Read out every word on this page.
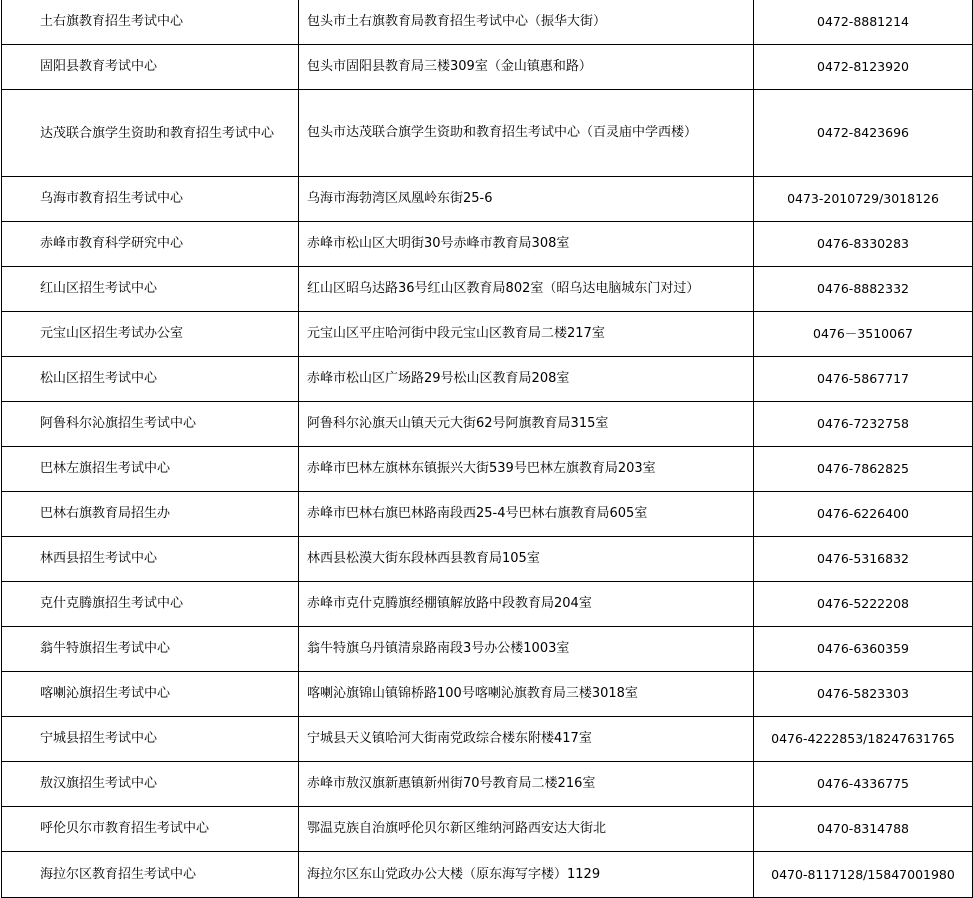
土右旗教育招生考试中心	包头市土右旗教育局教育招生考试中心（振华大街）	0472-8881214
固阳县教育考试中心	包头市固阳县教育局三楼309室（金山镇惠和路）	0472-8123920
达茂联合旗学生资助和教育招生考试中心	包头市达茂联合旗学生资助和教育招生考试中心（百灵庙中学西楼）	0472-8423696
乌海市教育招生考试中心	乌海市海勃湾区凤凰岭东街25-6	0473-2010729/3018126
赤峰市教育科学研究中心	赤峰市松山区大明街30号赤峰市教育局308室	0476-8330283
红山区招生考试中心	红山区昭乌达路36号红山区教育局802室（昭乌达电脑城东门对过）	0476-8882332
元宝山区招生考试办公室	元宝山区平庄哈河街中段元宝山区教育局二楼217室	0476－3510067
松山区招生考试中心	赤峰市松山区广场路29号松山区教育局208室	0476-5867717
阿鲁科尔沁旗招生考试中心	阿鲁科尔沁旗天山镇天元大街62号阿旗教育局315室	0476-7232758
巴林左旗招生考试中心	赤峰市巴林左旗林东镇振兴大街539号巴林左旗教育局203室	0476-7862825
巴林右旗教育局招生办	赤峰市巴林右旗巴林路南段西25-4号巴林右旗教育局605室	0476-6226400
林西县招生考试中心	林西县松漠大街东段林西县教育局105室	0476-5316832
克什克腾旗招生考试中心	赤峰市克什克腾旗经棚镇解放路中段教育局204室	0476-5222208
翁牛特旗招生考试中心	翁牛特旗乌丹镇清泉路南段3号办公楼1003室	0476-6360359
喀喇沁旗招生考试中心	喀喇沁旗锦山镇锦桥路100号喀喇沁旗教育局三楼3018室	0476-5823303
宁城县招生考试中心	宁城县天义镇哈河大街南党政综合楼东附楼417室	0476-4222853/18247631765
敖汉旗招生考试中心	赤峰市敖汉旗新惠镇新州街70号教育局二楼216室	0476-4336775
呼伦贝尔市教育招生考试中心	鄂温克族自治旗呼伦贝尔新区维纳河路西安达大街北	0470-8314788
海拉尔区教育招生考试中心	海拉尔区东山党政办公大楼（原东海写字楼）1129	0470-8117128/15847001980
